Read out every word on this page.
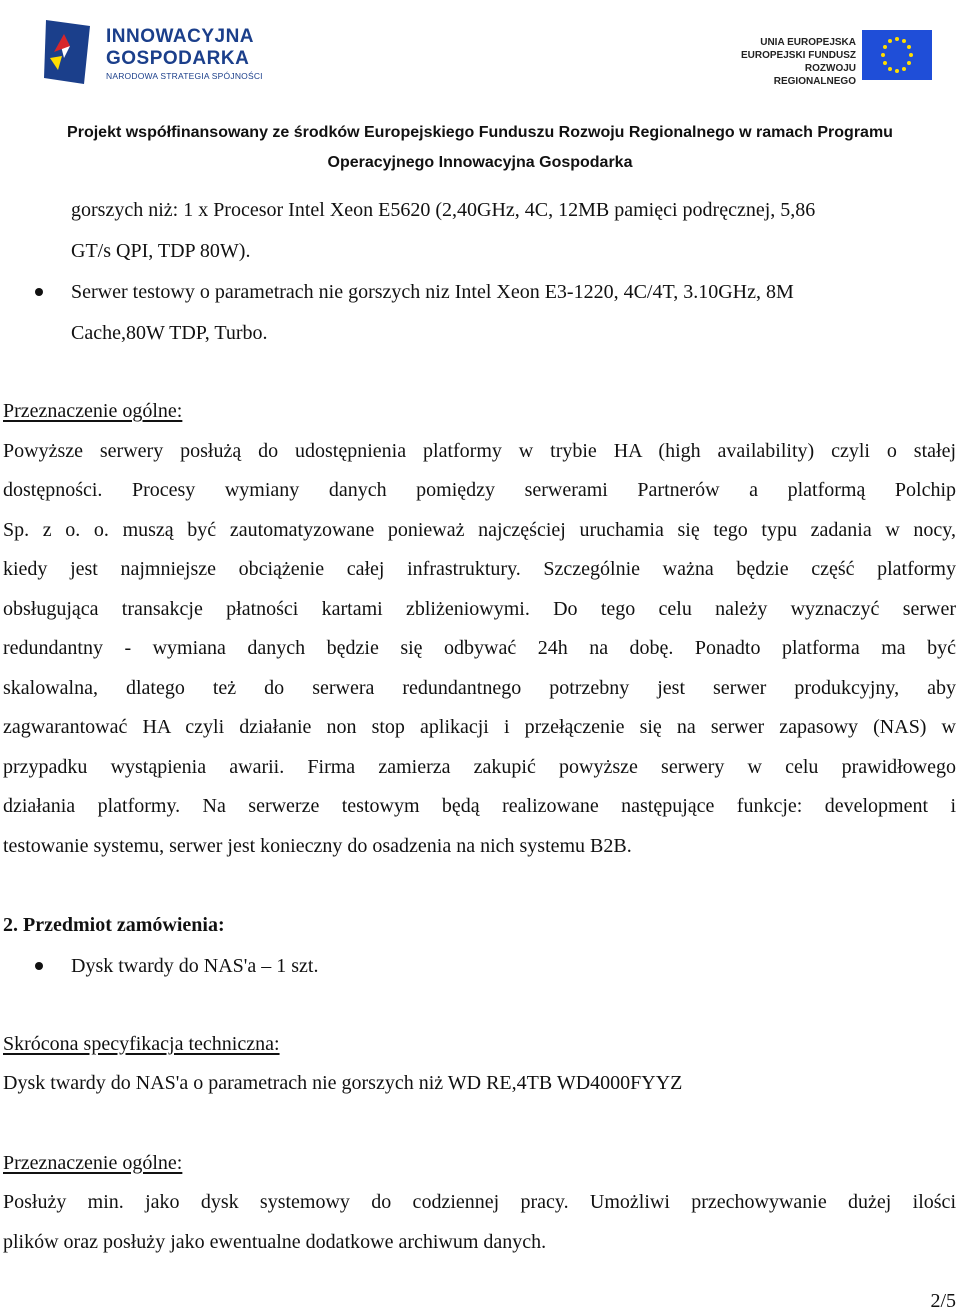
INNOWACYJNA
GOSPODARKA
NARODOWA STRATEGIA SPÓJNOŚCI
UNIA EUROPEJSKA
EUROPEJSKI FUNDUSZ
ROZWOJU REGIONALNEGO
Projekt współfinansowany ze środków Europejskiego Funduszu Rozwoju Regionalnego w ramach Programu
Operacyjnego Innowacyjna Gospodarka
gorszych niż: 1 x Procesor Intel Xeon E5620 (2,40GHz, 4C, 12MB pamięci podręcznej, 5,86
GT/s QPI, TDP 80W).
Serwer testowy o parametrach nie gorszych niz Intel Xeon E3-1220, 4C/4T, 3.10GHz, 8M
Cache,80W TDP, Turbo.

Przeznaczenie ogólne:

Powyższe serwery posłużą do udostępnienia platformy w trybie HA (high availability) czyli o stałej

dostępności. Procesy wymiany danych pomiędzy serwerami Partnerów a platformą Polchip

Sp. z o. o. muszą być zautomatyzowane ponieważ najczęściej uruchamia się tego typu zadania w nocy,

kiedy jest najmniejsze obciążenie całej infrastruktury. Szczególnie ważna będzie część platformy

obsługująca transakcje płatności kartami zbliżeniowymi. Do tego celu należy wyznaczyć serwer

redundantny - wymiana danych będzie się odbywać 24h na dobę. Ponadto platforma ma być

skalowalna, dlatego też do serwera redundantnego potrzebny jest serwer produkcyjny, aby

zagwarantować HA czyli działanie non stop aplikacji i przełączenie się na serwer zapasowy (NAS) w

przypadku wystąpienia awarii. Firma zamierza zakupić powyższe serwery w celu prawidłowego

działania platformy. Na serwerze testowym będą realizowane następujące funkcje: development i

testowanie systemu, serwer jest konieczny do osadzenia na nich systemu B2B.

2. Przedmiot zamówienia:

Dysk twardy do NAS'a – 1 szt.

Skrócona specyfikacja techniczna:

Dysk twardy do NAS'a o parametrach nie gorszych niż WD RE,4TB WD4000FYYZ

Przeznaczenie ogólne:

Posłuży min. jako dysk systemowy do codziennej pracy. Umożliwi przechowywanie dużej ilości

plików oraz posłuży jako ewentualne dodatkowe archiwum danych.

2/5
